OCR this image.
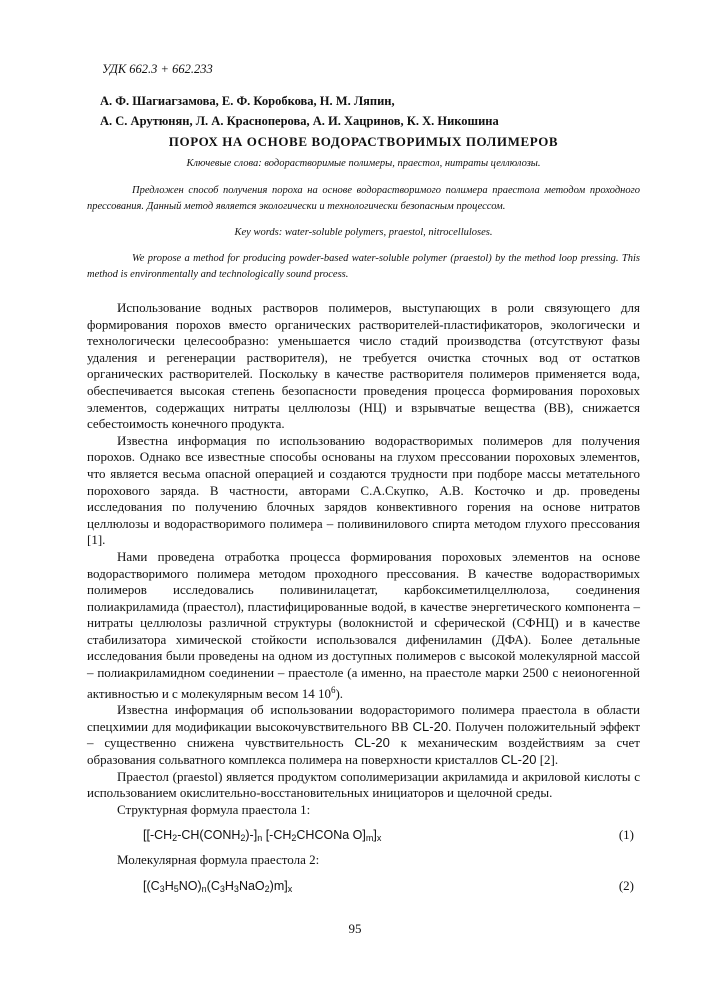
УДК 662.3 + 662.233
А. Ф. Шагиагзамова, Е. Ф. Коробкова, Н. М. Ляпин,
А. С. Арутюнян, Л. А. Красноперова, А. И. Хацринов, К. Х. Никошина
ПОРОХ НА ОСНОВЕ ВОДОРАСТВОРИМЫХ ПОЛИМЕРОВ
Ключевые слова: водорастворимые полимеры, праестол, нитраты целлюлозы.
Предложен способ получения пороха на основе водорастворимого полимера праестола методом проходного прессования. Данный метод является экологически и технологически безопасным процессом.
Key words: water-soluble polymers, praestol, nitrocelluloses.
We propose a method for producing powder-based water-soluble polymer (praestol) by the method loop pressing. This method is environmentally and technologically sound process.

Использование водных растворов полимеров, выступающих в роли связующего для формирования порохов вместо органических растворителей-пластификаторов, экологически и технологически целесообразно: уменьшается число стадий производства (отсутствуют фазы удаления и регенерации растворителя), не требуется очистка сточных вод от остатков органических растворителей. Поскольку в качестве растворителя полимеров применяется вода, обеспечивается высокая степень безопасности проведения процесса формирования пороховых элементов, содержащих нитраты целлюлозы (НЦ) и взрывчатые вещества (ВВ), снижается себестоимость конечного продукта.

Известна информация по использованию водорастворимых полимеров для получения порохов. Однако все известные способы основаны на глухом прессовании пороховых элементов, что является весьма опасной операцией и создаются трудности при подборе массы метательного порохового заряда. В частности, авторами С.А.Скупко, А.В. Косточко и др. проведены исследования по получению блочных зарядов конвективного горения на основе нитратов целлюлозы и водорастворимого полимера – поливинилового спирта методом глухого прессования [1].

Нами проведена отработка процесса формирования пороховых элементов на основе водорастворимого полимера методом проходного прессования. В качестве водорастворимых полимеров исследовались поливинилацетат, карбоксиметилцеллюлоза, соединения полиакриламида (праестол), пластифицированные водой, в качестве энергетического компонента – нитраты целлюлозы различной структуры (волокнистой и сферической (СФНЦ) и в качестве стабилизатора химической стойкости использовался дифениламин (ДФА). Более детальные исследования были проведены на одном из доступных полимеров с высокой молекулярной массой – полиакриламидном соединении – праестоле (а именно, на праестоле марки 2500 с неионогенной активностью и с молекулярным весом 14 $10^6$).

Известна информация об использовании водорасторимого полимера праестола в области спецхимии для модификации высокочувствительного ВВ CL-20. Получен положительный эффект – существенно снижена чувствительность CL-20 к механическим воздействиям за счет образования сольватного комплекса полимера на поверхности кристаллов CL-20 [2].

Праестол (praestol) является продуктом сополимеризации акриламида и акриловой кислоты с использованием окислительно-восстановительных инициаторов и щелочной среды.

Структурная формула праестола 1:

[$[-CH_2-CH(CONH_2)-]_n$ [$-CH_2CHCONa$ $O]_m]_x$	(1)

Молекулярная формула праестола 2:

$[(C_3H_5NO)_n(C_3H_3NaO_2)m]_x$	(2)
95
